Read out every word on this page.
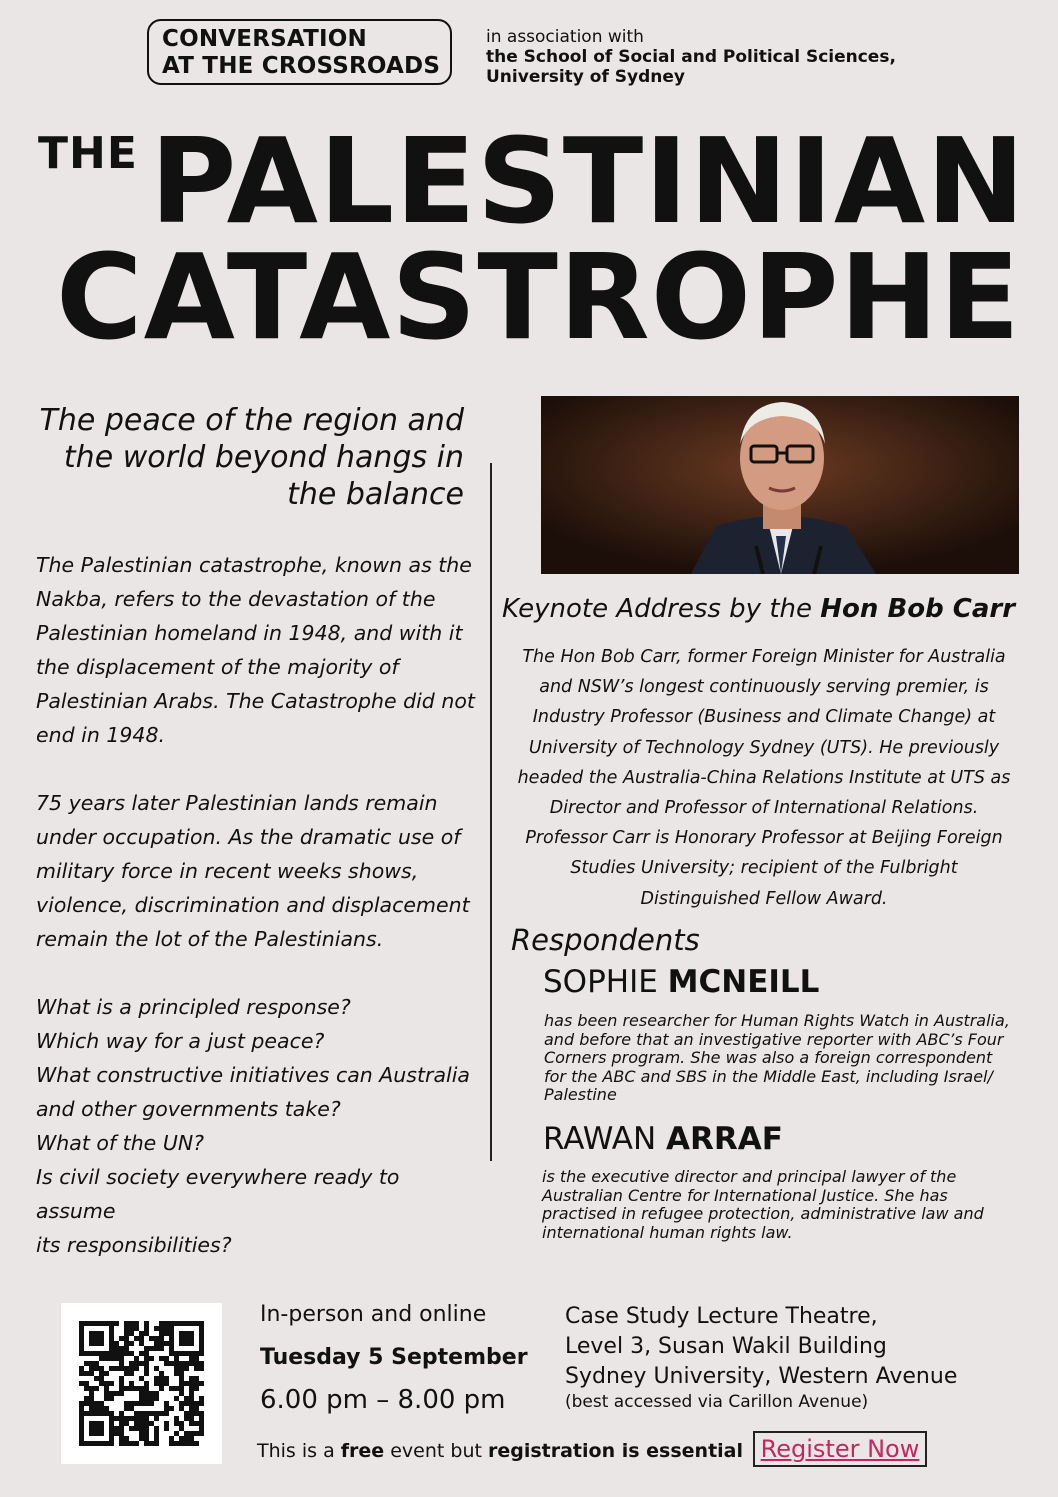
CONVERSATION
AT THE CROSSROADS
in association with
the School of Social and Political Sciences,
University of Sydney
THE PALESTINIAN
CATASTROPHE
The peace of the region and
the world beyond hangs in
the balance
The Palestinian catastrophe, known as the
Nakba, refers to the devastation of the
Palestinian homeland in 1948, and with it
the displacement of the majority of
Palestinian Arabs. The Catastrophe did not
end in 1948.
75 years later Palestinian lands remain
under occupation. As the dramatic use of
military force in recent weeks shows,
violence, discrimination and displacement
remain the lot of the Palestinians.
What is a principled response?
Which way for a just peace?
What constructive initiatives can Australia
and other governments take?
What of the UN?
Is civil society everywhere ready to assume
its responsibilities?
Keynote Address by the Hon Bob Carr
The Hon Bob Carr, former Foreign Minister for Australia
and NSW’s longest continuously serving premier, is
Industry Professor (Business and Climate Change) at
University of Technology Sydney (UTS). He previously
headed the Australia-China Relations Institute at UTS as
Director and Professor of International Relations.
Professor Carr is Honorary Professor at Beijing Foreign
Studies University; recipient of the Fulbright
Distinguished Fellow Award.
Respondents
SOPHIE MCNEILL
has been researcher for Human Rights Watch in Australia,
and before that an investigative reporter with ABC’s Four
Corners program. She was also a foreign correspondent
for the ABC and SBS in the Middle East, including Israel/
Palestine
RAWAN ARRAF
is the executive director and principal lawyer of the
Australian Centre for International Justice. She has
practised in refugee protection, administrative law and
international human rights law.
In-person and online
Tuesday 5 September
6.00 pm – 8.00 pm
Case Study Lecture Theatre,
Level 3, Susan Wakil Building
Sydney University, Western Avenue
(best accessed via Carillon Avenue)
This is a free event but registration is essential Register Now
